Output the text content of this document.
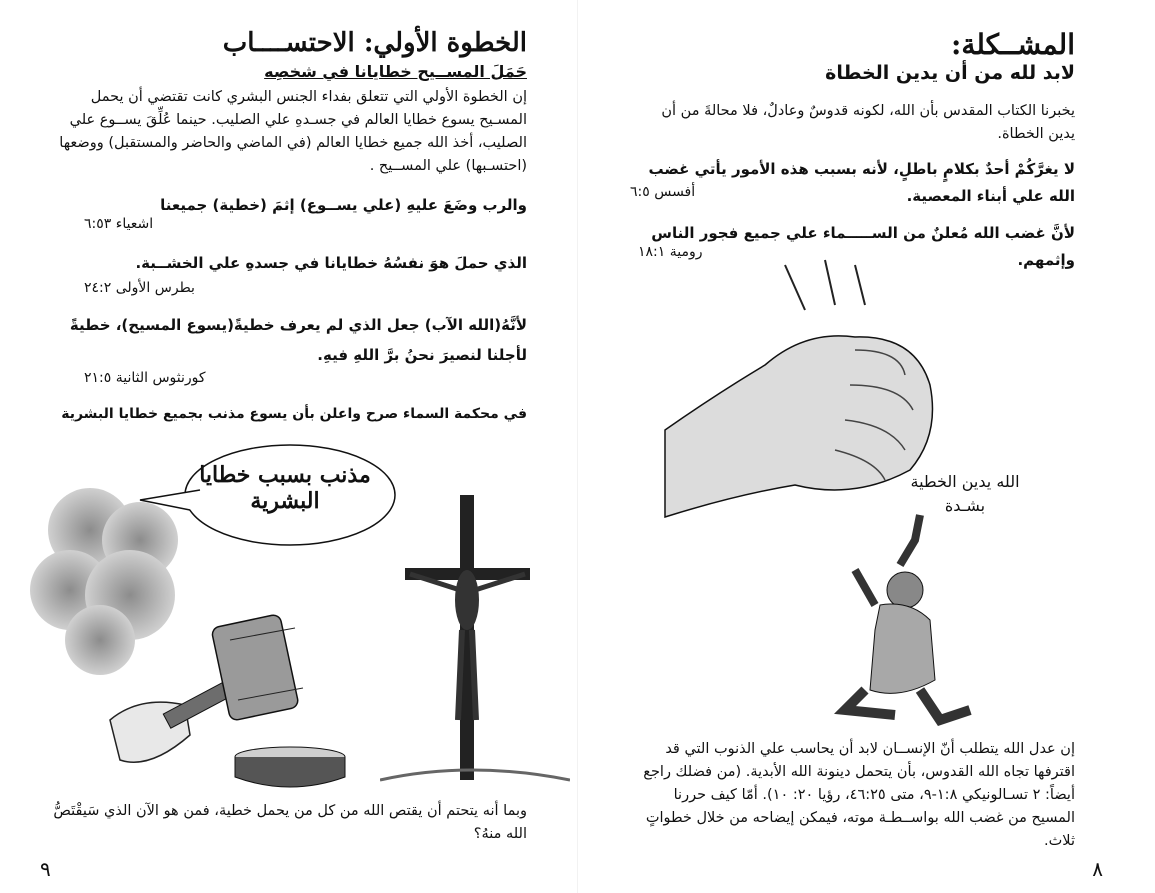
الخطوة الأولي: الاحتســــاب
حَمَلَ المســيح خطايانا في شخصِه
إن الخطوة الأولي التي تتعلق بفداء الجنس البشري كانت تقتضي أن يحمل المسـيح يسوع خطايا العالم في جسـدهِ علي الصليب. حينما عُلِّقَ يســوع علي الصليب، أخذ الله جميع خطايا العالم (في الماضي والحاضر والمستقبل) ووضعها (احتسـبها) علي المســيح .
والرب وضَعَ عليهِ (علي يســوع) إثمَ (خطية) جميعنا
اشعياء ٦:٥٣
الذي حملَ هوَ نفسُهُ خطايانا في جسدهِ علي الخشــبة.
بطرس الأولى ٢٤:٢
لأنَّهُ(الله الآب) جعل الذي لم يعرف خطيةً(يسوع المسيح)، خطيةً
لأجلنا لنصيرَ نحنُ برَّ اللهِ فيهِ.
كورنثوس الثانية ٢١:٥
في محكمة السماء صرح واعلن بأن يسوع مذنب بجميع خطايا البشرية
مذنب بسبب خطايا البشرية
وبما أنه يتحتم أن يقتص الله من كل من يحمل خطية، فمن هو الآن الذي سَيقْتَصُّ الله منهُ؟
٩
المشــكلة:
لابد لله من أن يدين الخطاة
يخبرنا الكتاب المقدس بأن الله، لكونه قدوسٌ وعادلٌ، فلا محالةَ من أن يدين الخطاة.
لا يغرَّكُمْ أحدٌ بكلامٍ باطلٍ، لأنه بسبب هذه الأمور يأتي غضب الله علي أبناء المعصية.
أفسس ٦:٥
لأنَّ غضب الله مُعلنٌ من الســـــماء علي جميع فجور الناس وإثمهم.
رومية ١٨:١
الله يدين الخطية بشـدة
إن عدل الله يتطلب أنّ الإنســان لابد أن يحاسب علي الذنوب التي قد اقترفها تجاه الله القدوس، بأن يتحمل دينونة الله الأبدية. (من فضلك راجع أيضاً: ٢ تسـالونيكي ١:٨-٩، متى ٤٦:٢٥، رؤيا ٢٠: ١٠). أمّا كيف حررنا المسيح من غضب الله بواســطـة موته، فيمكن إيضاحه من خلال خطواتٍ ثلاث.
٨
